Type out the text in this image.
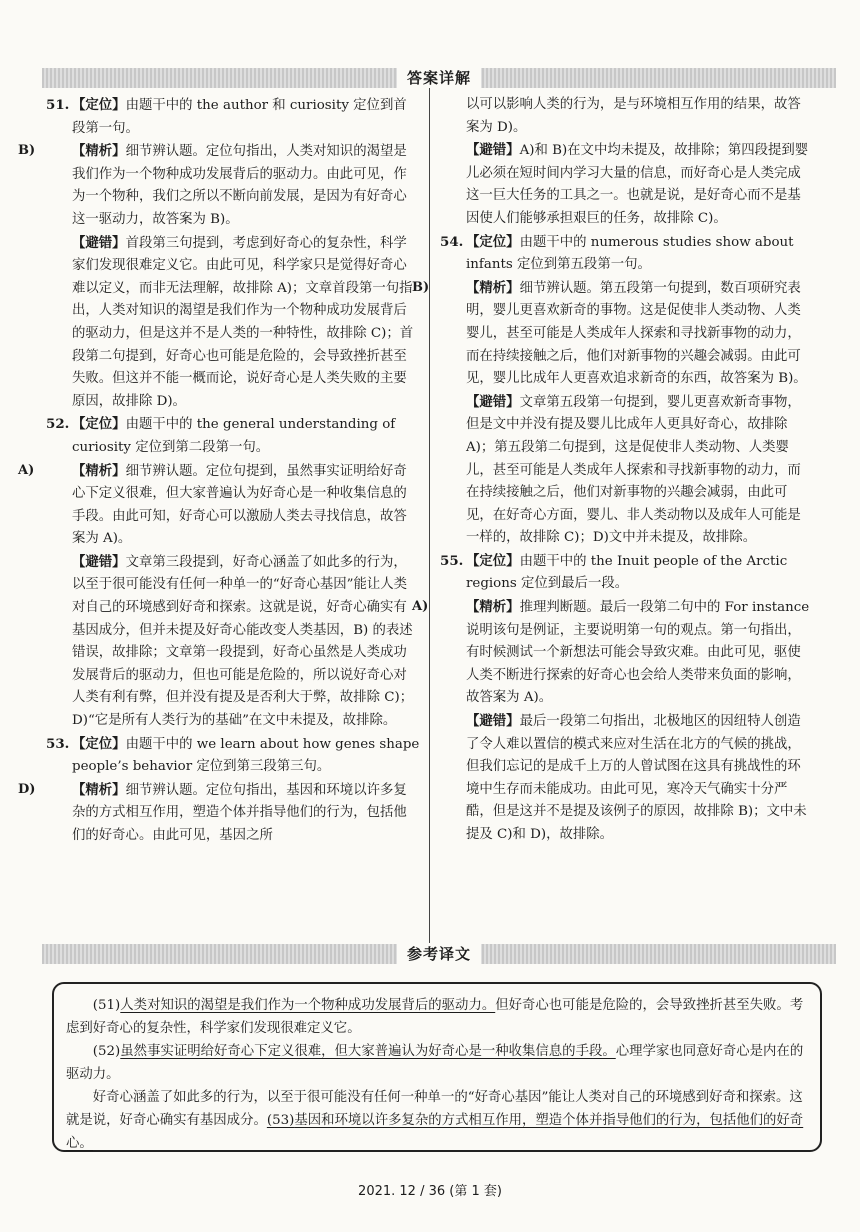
答案详解
51. 【定位】由题干中的 the author 和 curiosity 定位到首段第一句。
B)	【精析】细节辨认题。定位句指出，人类对知识的渴望是我们作为一个物种成功发展背后的驱动力。由此可见，作为一个物种，我们之所以不断向前发展，是因为有好奇心这一驱动力，故答案为 B)。
【避错】首段第三句提到，考虑到好奇心的复杂性，科学家们发现很难定义它。由此可见，科学家只是觉得好奇心难以定义，而非无法理解，故排除 A)；文章首段第一句指出，人类对知识的渴望是我们作为一个物种成功发展背后的驱动力，但是这并不是人类的一种特性，故排除 C)；首段第二句提到，好奇心也可能是危险的，会导致挫折甚至失败。但这并不能一概而论，说好奇心是人类失败的主要原因，故排除 D)。
52. 【定位】由题干中的 the general understanding of curiosity 定位到第二段第一句。
A)	【精析】细节辨认题。定位句提到，虽然事实证明给好奇心下定义很难，但大家普遍认为好奇心是一种收集信息的手段。由此可知，好奇心可以激励人类去寻找信息，故答案为 A)。
【避错】文章第三段提到，好奇心涵盖了如此多的行为，以至于很可能没有任何一种单一的“好奇心基因”能让人类对自己的环境感到好奇和探索。这就是说，好奇心确实有基因成分，但并未提及好奇心能改变人类基因，B) 的表述错误，故排除；文章第一段提到，好奇心虽然是人类成功发展背后的驱动力，但也可能是危险的，所以说好奇心对人类有利有弊，但并没有提及是否利大于弊，故排除 C)；D)“它是所有人类行为的基础”在文中未提及，故排除。
53. 【定位】由题干中的 we learn about how genes shape people’s behavior 定位到第三段第三句。
D)	【精析】细节辨认题。定位句指出，基因和环境以许多复杂的方式相互作用，塑造个体并指导他们的行为，包括他们的好奇心。由此可见，基因之所
以可以影响人类的行为，是与环境相互作用的结果，故答案为 D)。
【避错】A)和 B)在文中均未提及，故排除；第四段提到婴儿必须在短时间内学习大量的信息，而好奇心是人类完成这一巨大任务的工具之一。也就是说，是好奇心而不是基因使人们能够承担艰巨的任务，故排除 C)。
54. 【定位】由题干中的 numerous studies show about infants 定位到第五段第一句。
B)	【精析】细节辨认题。第五段第一句提到，数百项研究表明，婴儿更喜欢新奇的事物。这是促使非人类动物、人类婴儿，甚至可能是人类成年人探索和寻找新事物的动力，而在持续接触之后，他们对新事物的兴趣会减弱。由此可见，婴儿比成年人更喜欢追求新奇的东西，故答案为 B)。
【避错】文章第五段第一句提到，婴儿更喜欢新奇事物，但是文中并没有提及婴儿比成年人更具好奇心，故排除 A)；第五段第二句提到，这是促使非人类动物、人类婴儿，甚至可能是人类成年人探索和寻找新事物的动力，而在持续接触之后，他们对新事物的兴趣会减弱，由此可见，在好奇心方面，婴儿、非人类动物以及成年人可能是一样的，故排除 C)；D)文中并未提及，故排除。
55. 【定位】由题干中的 the Inuit people of the Arctic regions 定位到最后一段。
A)	【精析】推理判断题。最后一段第二句中的 For instance 说明该句是例证，主要说明第一句的观点。第一句指出，有时候测试一个新想法可能会导致灾难。由此可见，驱使人类不断进行探索的好奇心也会给人类带来负面的影响，故答案为 A)。
【避错】最后一段第二句指出，北极地区的因纽特人创造了令人难以置信的模式来应对生活在北方的气候的挑战，但我们忘记的是成千上万的人曾试图在这具有挑战性的环境中生存而未能成功。由此可见，寒冷天气确实十分严酷，但是这并不是提及该例子的原因，故排除 B)；文中未提及 C)和 D)，故排除。
参考译文

(51)人类对知识的渴望是我们作为一个物种成功发展背后的驱动力。但好奇心也可能是危险的，会导致挫折甚至失败。考虑到好奇心的复杂性，科学家们发现很难定义它。

(52)虽然事实证明给好奇心下定义很难，但大家普遍认为好奇心是一种收集信息的手段。心理学家也同意好奇心是内在的驱动力。

好奇心涵盖了如此多的行为，以至于很可能没有任何一种单一的“好奇心基因”能让人类对自己的环境感到好奇和探索。这就是说，好奇心确实有基因成分。(53)基因和环境以许多复杂的方式相互作用，塑造个体并指导他们的行为，包括他们的好奇心。

2021. 12 / 36 (第 1 套)
